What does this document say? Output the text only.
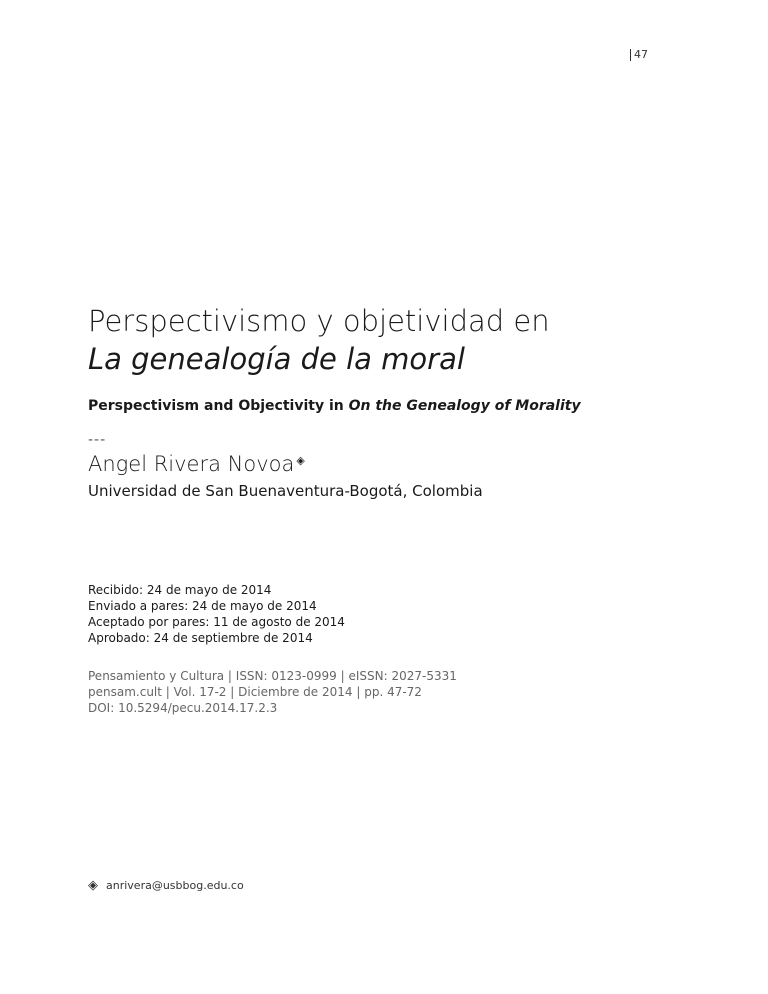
47

Perspectivismo y objetividad en

La genealogía de la moral

Perspectivism and Objectivity in On the Genealogy of Morality
---
Angel Rivera Novoa ◈
Universidad de San Buenaventura-Bogotá, Colombia
Recibido: 24 de mayo de 2014
Enviado a pares: 24 de mayo de 2014
Aceptado por pares: 11 de agosto de 2014
Aprobado: 24 de septiembre de 2014
Pensamiento y Cultura | ISSN: 0123-0999 | eISSN: 2027-5331
pensam.cult | Vol. 17-2 | Diciembre de 2014 | pp. 47-72
DOI: 10.5294/pecu.2014.17.2.3
◈ anrivera@usbbog.edu.co
